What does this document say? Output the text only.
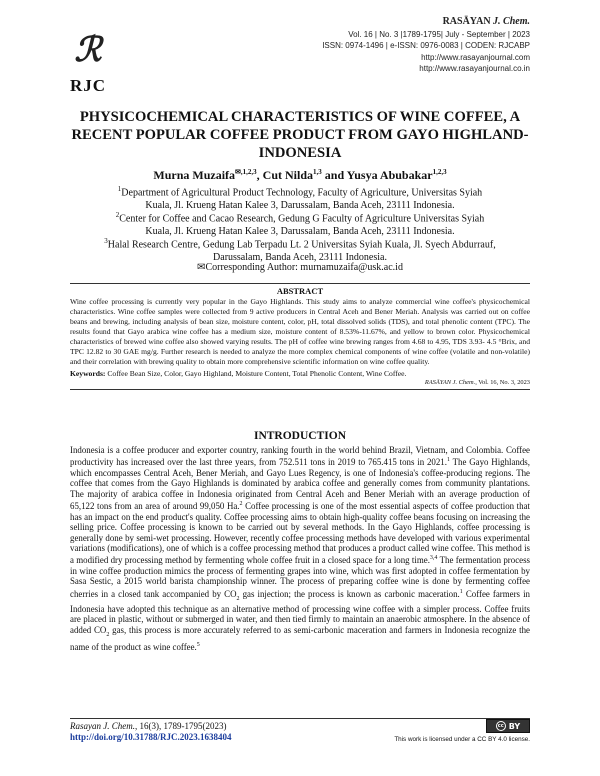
ℛ
RJC
RASĀYAN J. Chem.
Vol. 16 | No. 3 |1789-1795| July - September | 2023
ISSN: 0974-1496 | e-ISSN: 0976-0083 | CODEN: RJCABP
http://www.rasayanjournal.com
http://www.rasayanjournal.co.in
PHYSICOCHEMICAL CHARACTERISTICS OF WINE COFFEE, A RECENT POPULAR COFFEE PRODUCT FROM GAYO HIGHLAND-INDONESIA
Murna Muzaifa$^{✉,1,2,3}$, Cut Nilda$^{1,3}$ and Yusya Abubakar$^{1,2,3}$
$^1$Department of Agricultural Product Technology, Faculty of Agriculture, Universitas Syiah
Kuala, Jl. Krueng Hatan Kalee 3, Darussalam, Banda Aceh, 23111 Indonesia.
$^2$Center for Coffee and Cacao Research, Gedung G Faculty of Agriculture Universitas Syiah
Kuala, Jl. Krueng Hatan Kalee 3, Darussalam, Banda Aceh, 23111 Indonesia.
$^3$Halal Research Centre, Gedung Lab Terpadu Lt. 2 Universitas Syiah Kuala, Jl. Syech Abdurrauf,
Darussalam, Banda Aceh, 23111 Indonesia.
✉Corresponding Author: murnamuzaifa@usk.ac.id
ABSTRACT
Wine coffee processing is currently very popular in the Gayo Highlands. This study aims to analyze commercial wine coffee's physicochemical characteristics. Wine coffee samples were collected from 9 active producers in Central Aceh and Bener Meriah. Analysis was carried out on coffee beans and brewing, including analysis of bean size, moisture content, color, pH, total dissolved solids (TDS), and total phenolic content (TPC). The results found that Gayo arabica wine coffee has a medium size, moisture content of 8.53%-11.67%, and yellow to brown color. Physicochemical characteristics of brewed wine coffee also showed varying results. The pH of coffee wine brewing ranges from 4.68 to 4.95, TDS 3.93- 4.5 °Brix, and TPC 12.82 to 30 GAE mg/g. Further research is needed to analyze the more complex chemical components of wine coffee (volatile and non-volatile) and their correlation with brewing quality to obtain more comprehensive scientific information on wine coffee quality.
Keywords: Coffee Bean Size, Color, Gayo Highland, Moisture Content, Total Phenolic Content, Wine Coffee.
RASĀYAN J. Chem., Vol. 16, No. 3, 2023
INTRODUCTION
Indonesia is a coffee producer and exporter country, ranking fourth in the world behind Brazil, Vietnam, and Colombia. Coffee productivity has increased over the last three years, from 752.511 tons in 2019 to 765.415 tons in 2021.$^1$ The Gayo Highlands, which encompasses Central Aceh, Bener Meriah, and Gayo Lues Regency, is one of Indonesia's coffee-producing regions. The coffee that comes from the Gayo Highlands is dominated by arabica coffee and generally comes from community plantations. The majority of arabica coffee in Indonesia originated from Central Aceh and Bener Meriah with an average production of 65,122 tons from an area of around 99,050 Ha.$^2$ Coffee processing is one of the most essential aspects of coffee production that has an impact on the end product's quality. Coffee processing aims to obtain high-quality coffee beans focusing on increasing the selling price. Coffee processing is known to be carried out by several methods. In the Gayo Highlands, coffee processing is generally done by semi-wet processing. However, recently coffee processing methods have developed with various experimental variations (modifications), one of which is a coffee processing method that produces a product called wine coffee. This method is a modified dry processing method by fermenting whole coffee fruit in a closed space for a long time.$^{3,4}$ The fermentation process in wine coffee production mimics the process of fermenting grapes into wine, which was first adopted in coffee fermentation by Sasa Sestic, a 2015 world barista championship winner. The process of preparing coffee wine is done by fermenting coffee cherries in a closed tank accompanied by $CO_2$ gas injection; the process is known as carbonic maceration.$^1$ Coffee farmers in Indonesia have adopted this technique as an alternative method of processing wine coffee with a simpler process. Coffee fruits are placed in plastic, without or submerged in water, and then tied firmly to maintain an anaerobic atmosphere. In the absence of added $CO_2$ gas, this process is more accurately referred to as semi-carbonic maceration and farmers in Indonesia recognize the name of the product as wine coffee.$^5$
Rasayan J. Chem., 16(3), 1789-1795(2023)
http://doi.org/10.31788/RJC.2023.1638404
cc BY
This work is licensed under a CC BY 4.0 license.
